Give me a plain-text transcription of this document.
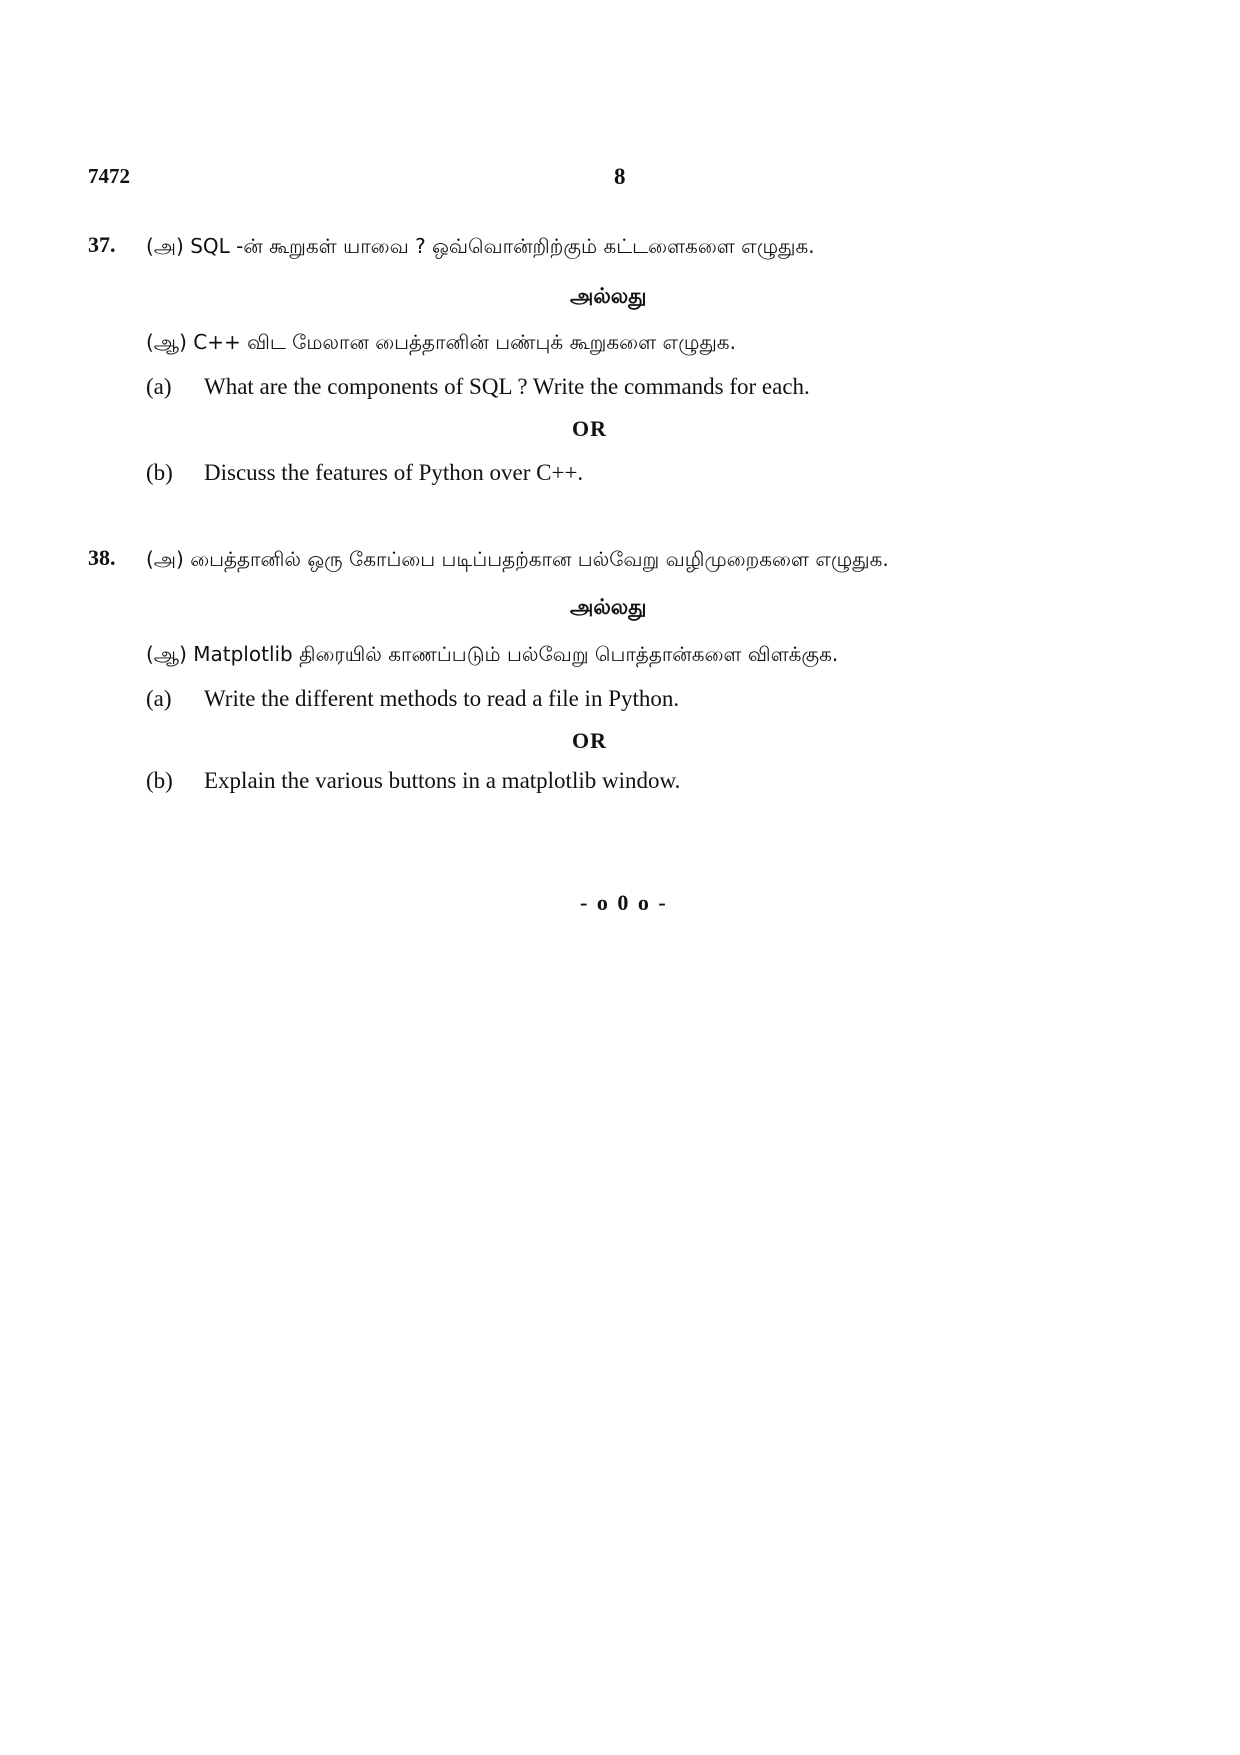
7472	8
37. (அ) SQL -ன் கூறுகள் யாவை ? ஒவ்வொன்றிற்கும் கட்டளைகளை எழுதுக.
அல்லது
(ஆ) C++ விட மேலான பைத்தானின் பண்புக் கூறுகளை எழுதுக.
(a) What are the components of SQL ? Write the commands for each.
OR
(b) Discuss the features of Python over C++.
38. (அ) பைத்தானில் ஒரு கோப்பை படிப்பதற்கான பல்வேறு வழிமுறைகளை எழுதுக.
அல்லது
(ஆ) Matplotlib திரையில் காணப்படும் பல்வேறு பொத்தான்களை விளக்குக.
(a) Write the different methods to read a file in Python.
OR
(b) Explain the various buttons in a matplotlib window.
- o 0 o -
